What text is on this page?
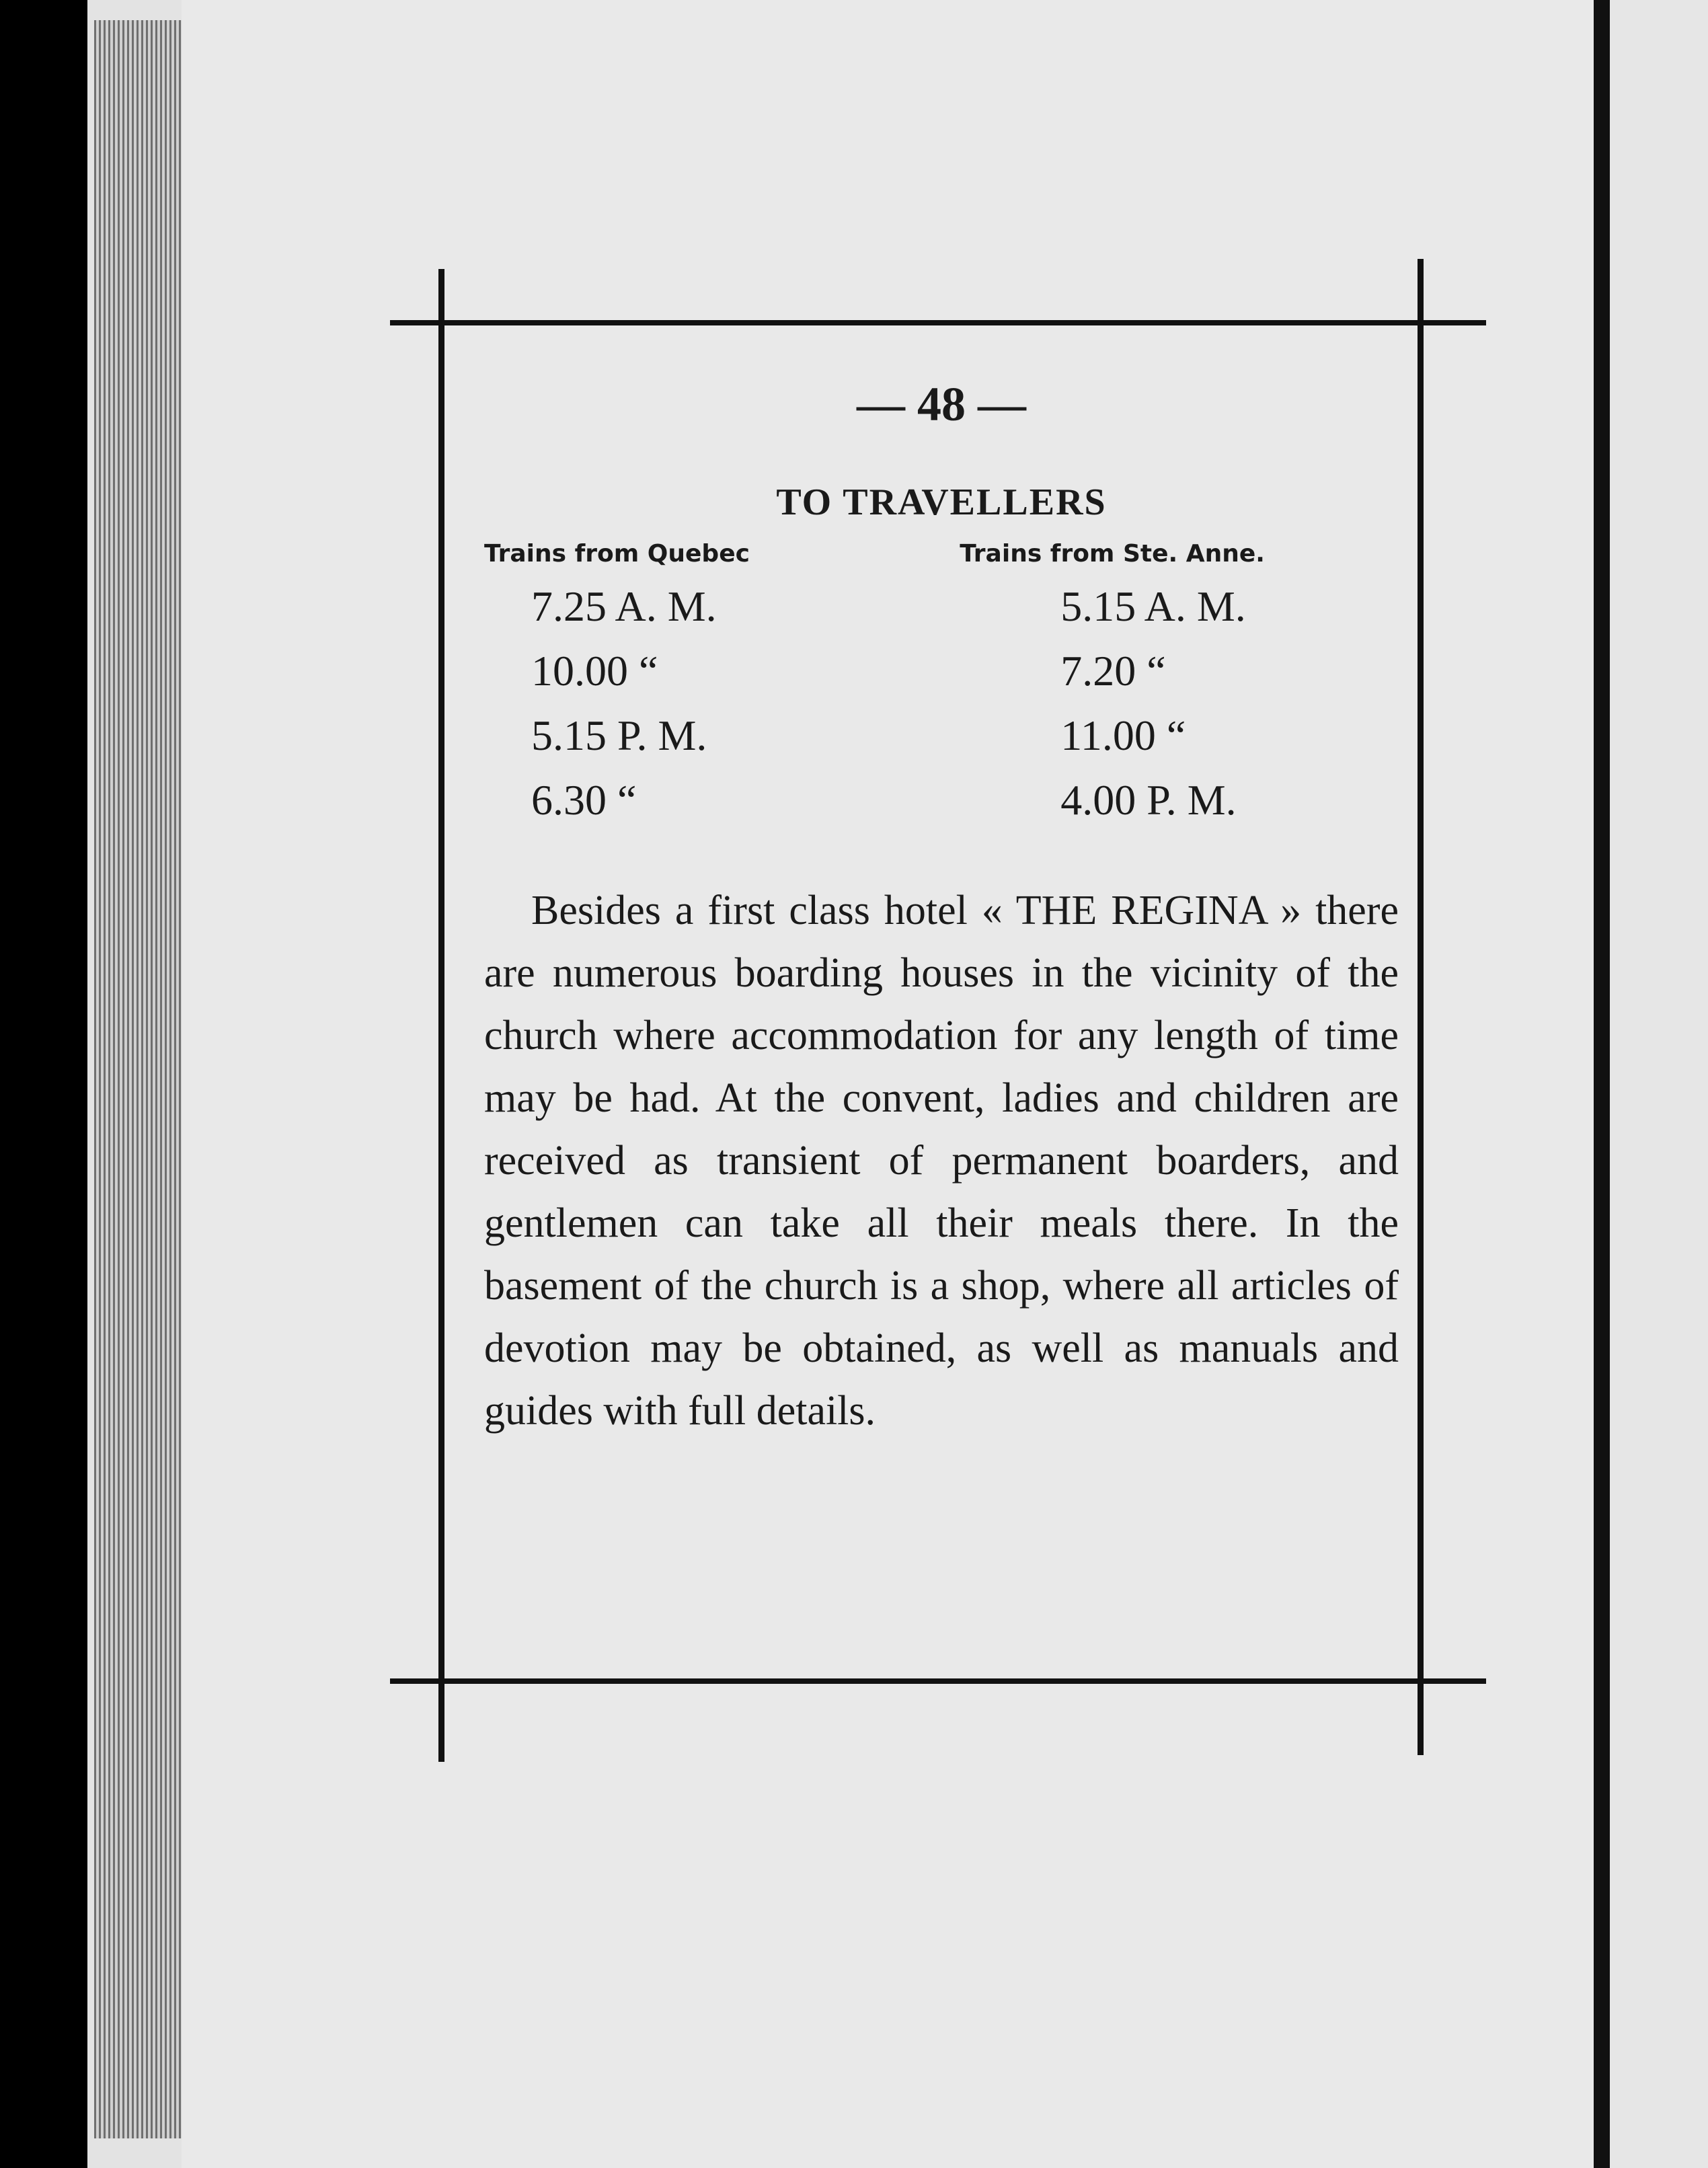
— 48 —
TO TRAVELLERS
Trains from Quebec
7.25 A. M.
10.00 “
5.15 P. M.
6.30 “
Trains from Ste. Anne.
5.15 A. M.
7.20 “
11.00 “
4.00 P. M.

Besides a first class hotel « THE REGINA » there are numerous boarding houses in the vicinity of the church where accommodation for any length of time may be had. At the convent, ladies and children are received as transient of permanent boarders, and gentlemen can take all their meals there. In the basement of the church is a shop, where all articles of devotion may be obtained, as well as manuals and guides with full details.
